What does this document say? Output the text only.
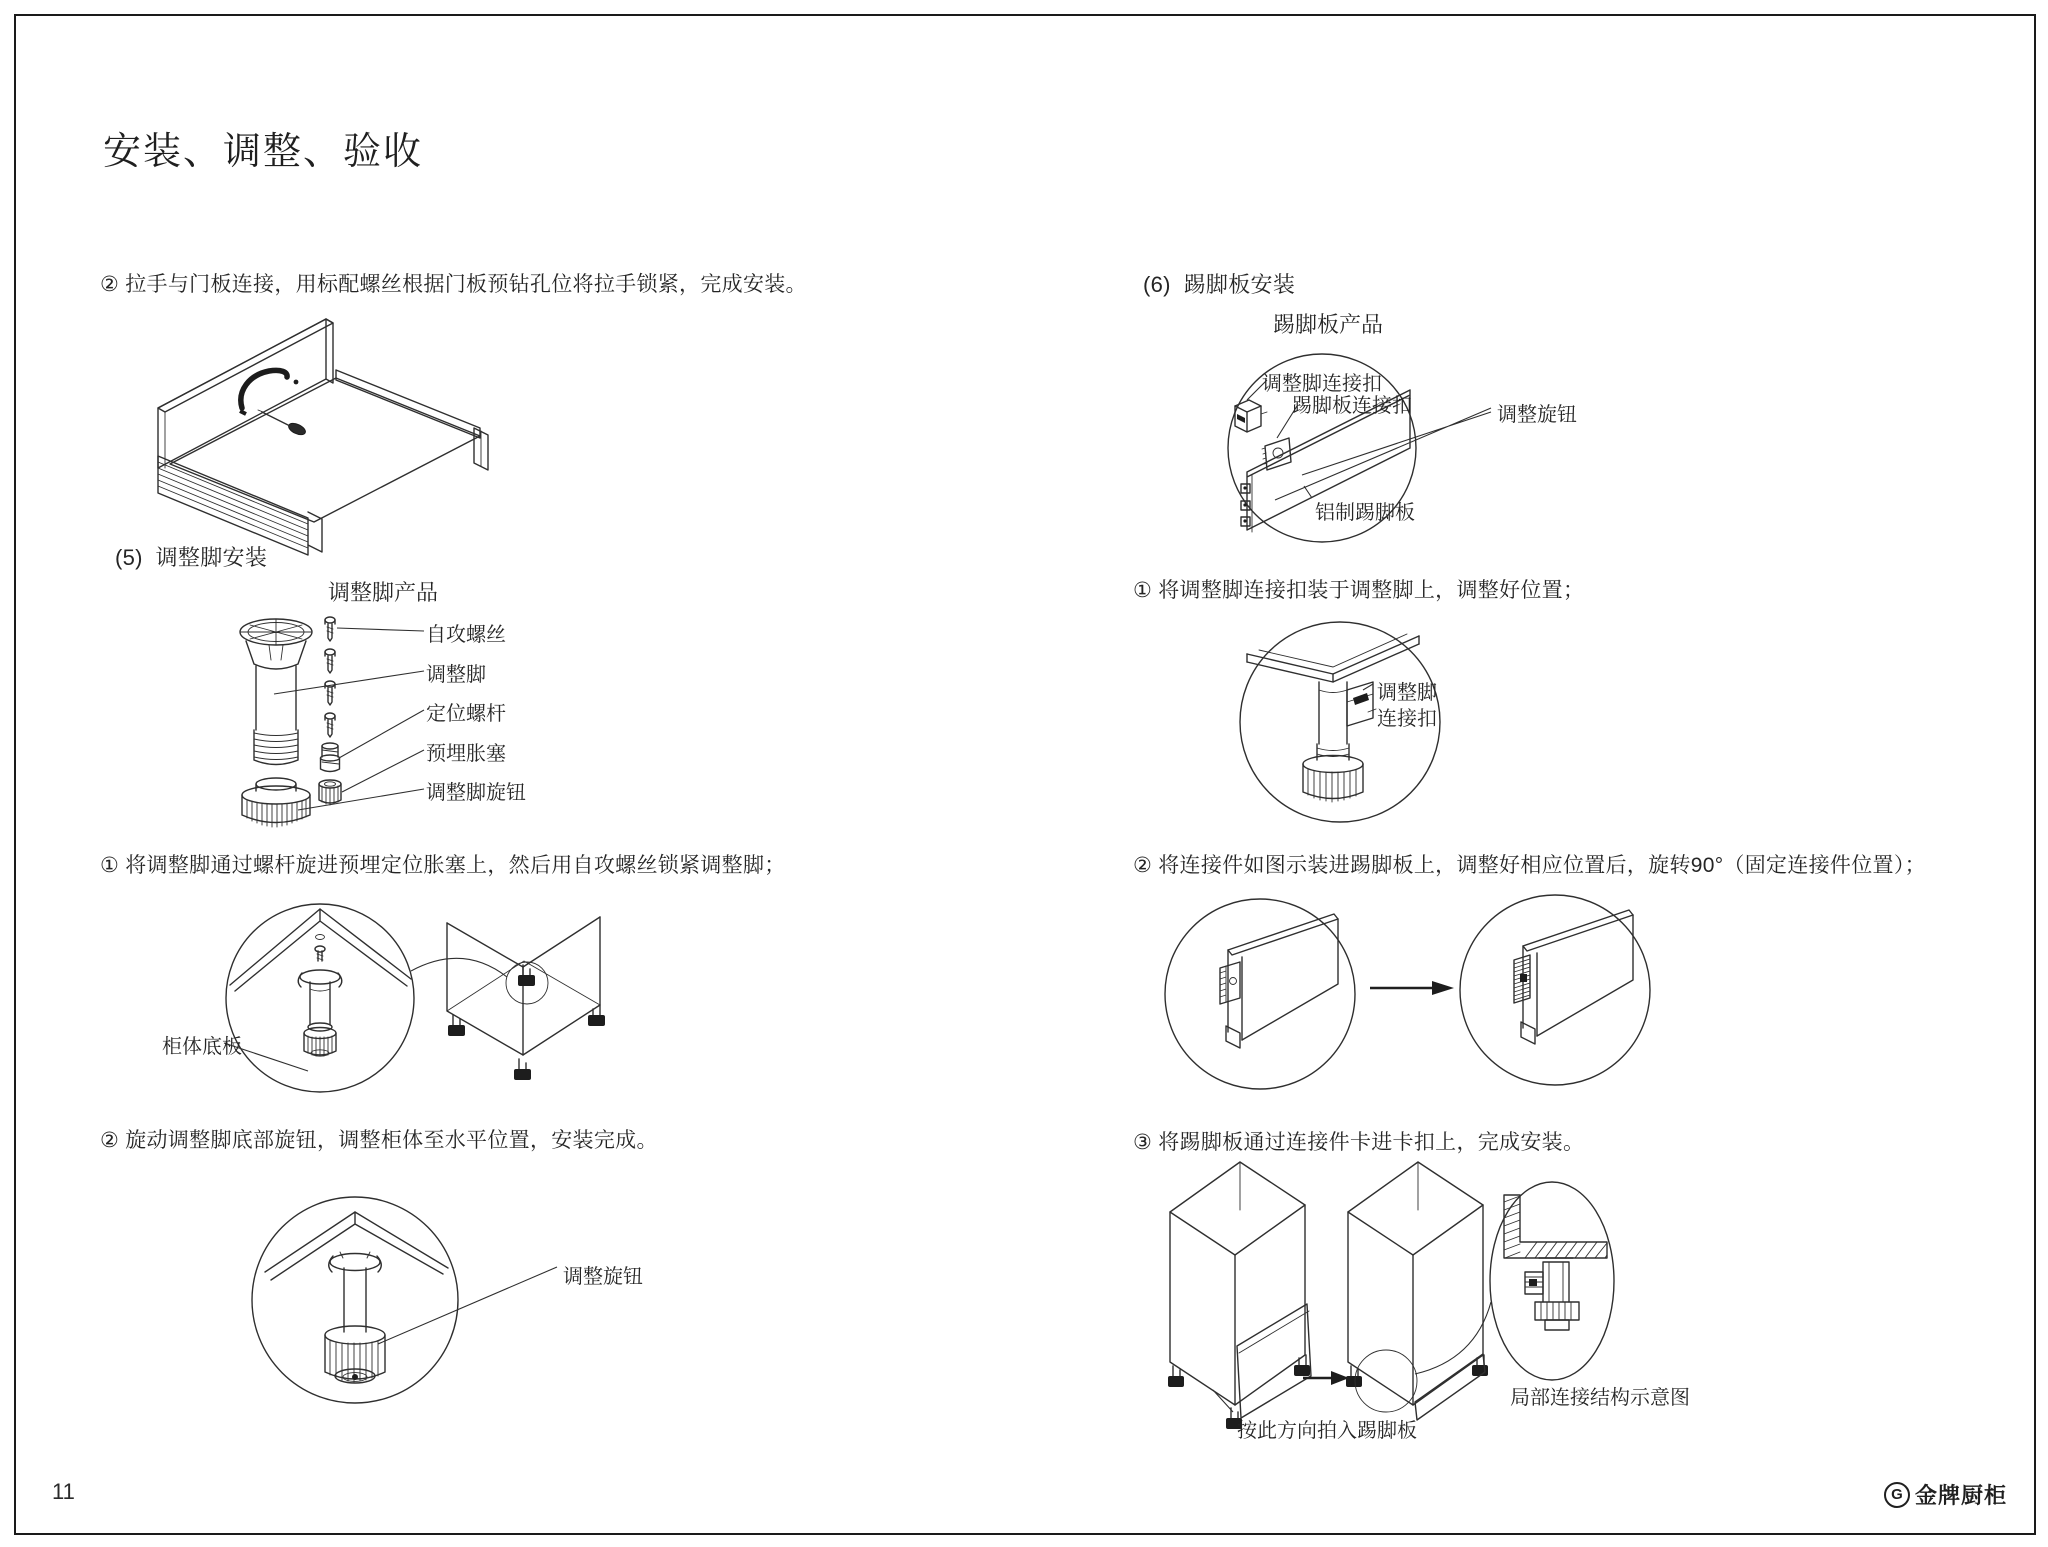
安装、调整、验收
② 拉手与门板连接，用标配螺丝根据门板预钻孔位将拉手锁紧，完成安装。
(5)  调整脚安装
调整脚产品
自攻螺丝
调整脚
定位螺杆
预埋胀塞
调整脚旋钮
① 将调整脚通过螺杆旋进预埋定位胀塞上，然后用自攻螺丝锁紧调整脚；
柜体底板
② 旋动调整脚底部旋钮，调整柜体至水平位置，安装完成。
调整旋钮
(6)  踢脚板安装
踢脚板产品
调整脚连接扣
踢脚板连接扣	调整旋钮
铝制踢脚板
① 将调整脚连接扣装于调整脚上，调整好位置；
调整脚
连接扣
② 将连接件如图示装进踢脚板上，调整好相应位置后，旋转90°（固定连接件位置）；
③ 将踢脚板通过连接件卡进卡扣上，完成安装。
按此方向拍入踢脚板
局部连接结构示意图
11	G 金牌厨柜
